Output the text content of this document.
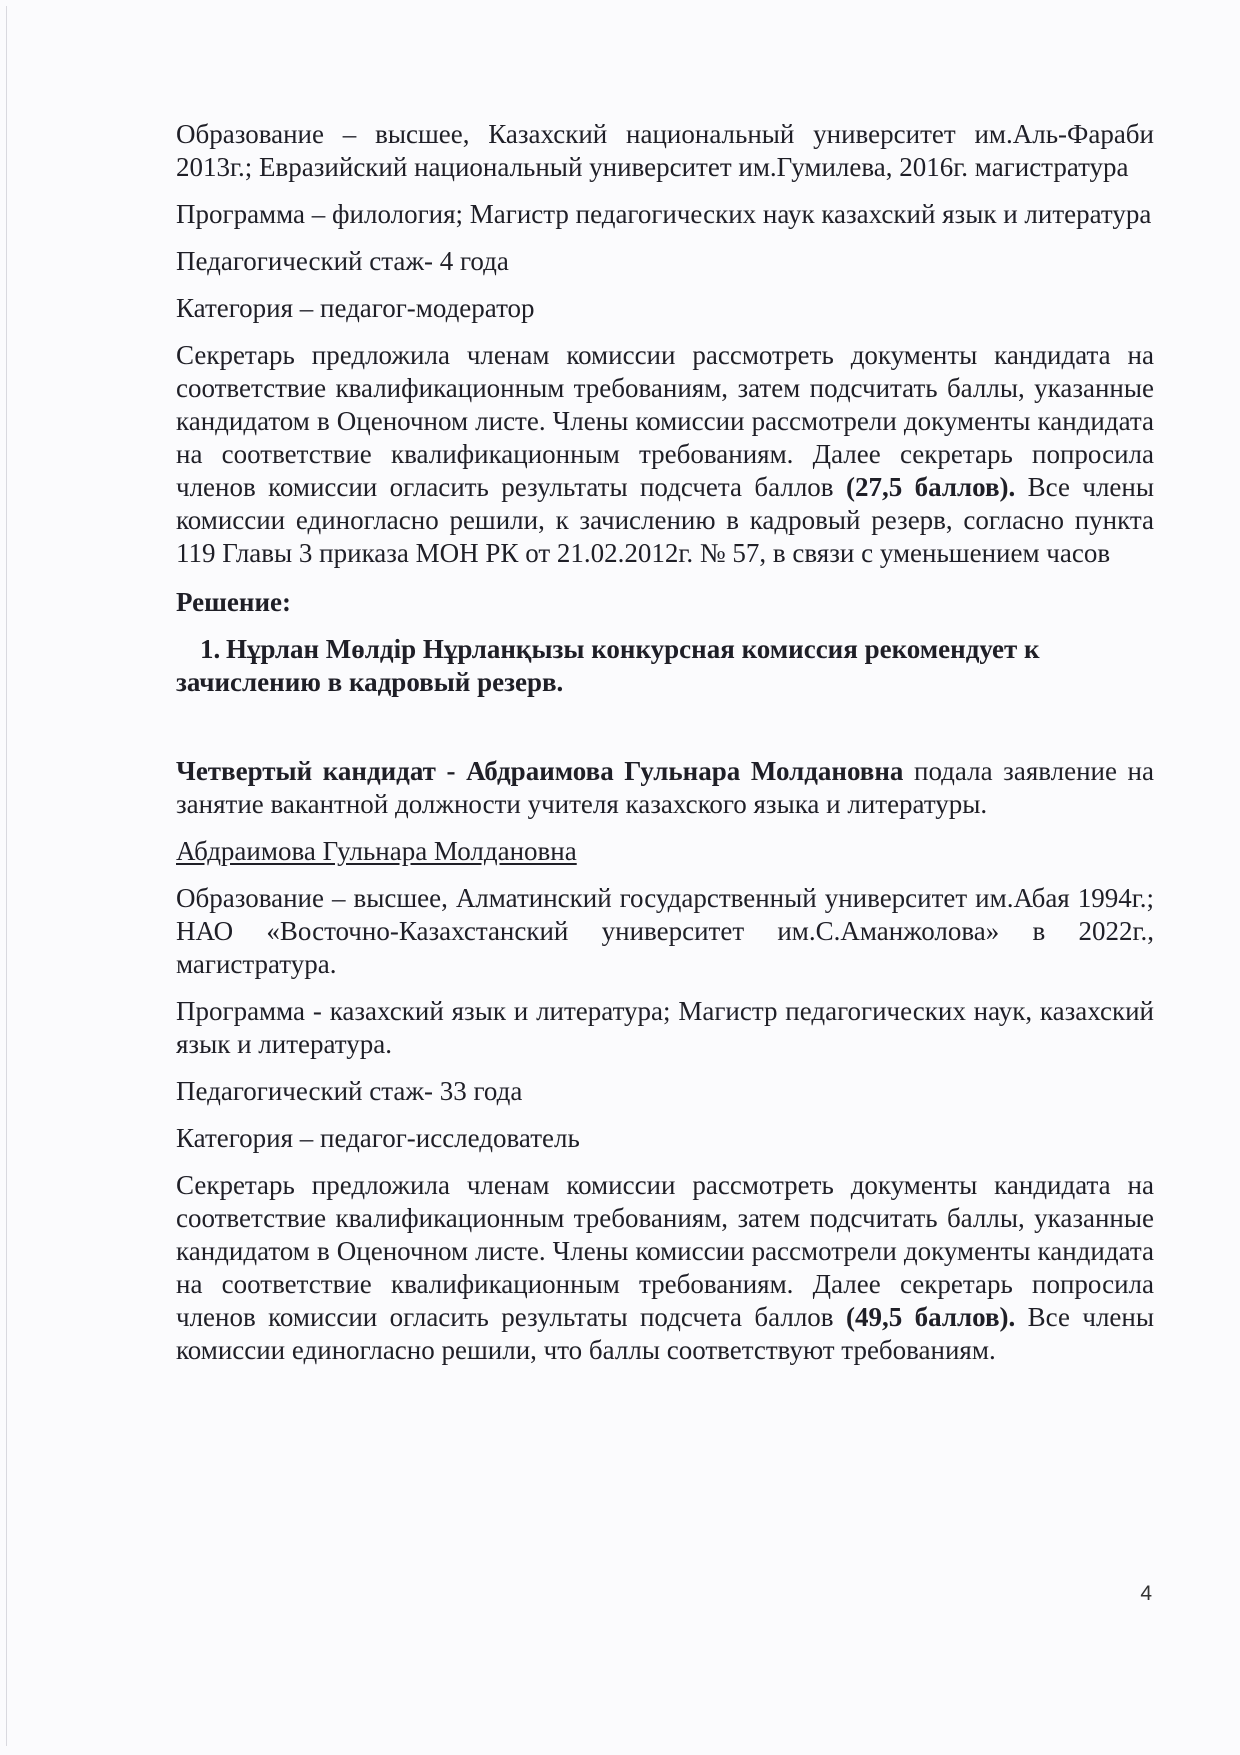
Образование – высшее, Казахский национальный университет им.Аль-Фараби 2013г.; Евразийский национальный университет им.Гумилева, 2016г. магистратура

Программа – филология; Магистр педагогических наук казахский язык и литература

Педагогический стаж- 4 года

Категория – педагог-модератор

Секретарь предложила членам комиссии рассмотреть документы кандидата на соответствие квалификационным требованиям, затем подсчитать баллы, указанные кандидатом в Оценочном листе. Члены комиссии рассмотрели документы кандидата на соответствие квалификационным требованиям. Далее секретарь попросила членов комиссии огласить результаты подсчета баллов (27,5 баллов). Все члены комиссии единогласно решили, к зачислению в кадровый резерв, согласно пункта 119 Главы 3 приказа МОН РК от 21.02.2012г. № 57, в связи с уменьшением часов

Решение:

1. Нұрлан Мөлдір Нұрланқызы конкурсная комиссия рекомендует к зачислению в кадровый резерв.

Четвертый кандидат - Абдраимова Гульнара Молдановна подала заявление на занятие вакантной должности учителя казахского языка и литературы.

Абдраимова Гульнара Молдановна

Образование – высшее, Алматинский государственный университет им.Абая 1994г.; НАО «Восточно-Казахстанский университет им.С.Аманжолова» в 2022г., магистратура.

Программа - казахский язык и литература; Магистр педагогических наук, казахский язык и литература.

Педагогический стаж- 33 года

Категория – педагог-исследователь

Секретарь предложила членам комиссии рассмотреть документы кандидата на соответствие квалификационным требованиям, затем подсчитать баллы, указанные кандидатом в Оценочном листе. Члены комиссии рассмотрели документы кандидата на соответствие квалификационным требованиям. Далее секретарь попросила членов комиссии огласить результаты подсчета баллов (49,5 баллов). Все члены комиссии единогласно решили, что баллы соответствуют требованиям.

4
